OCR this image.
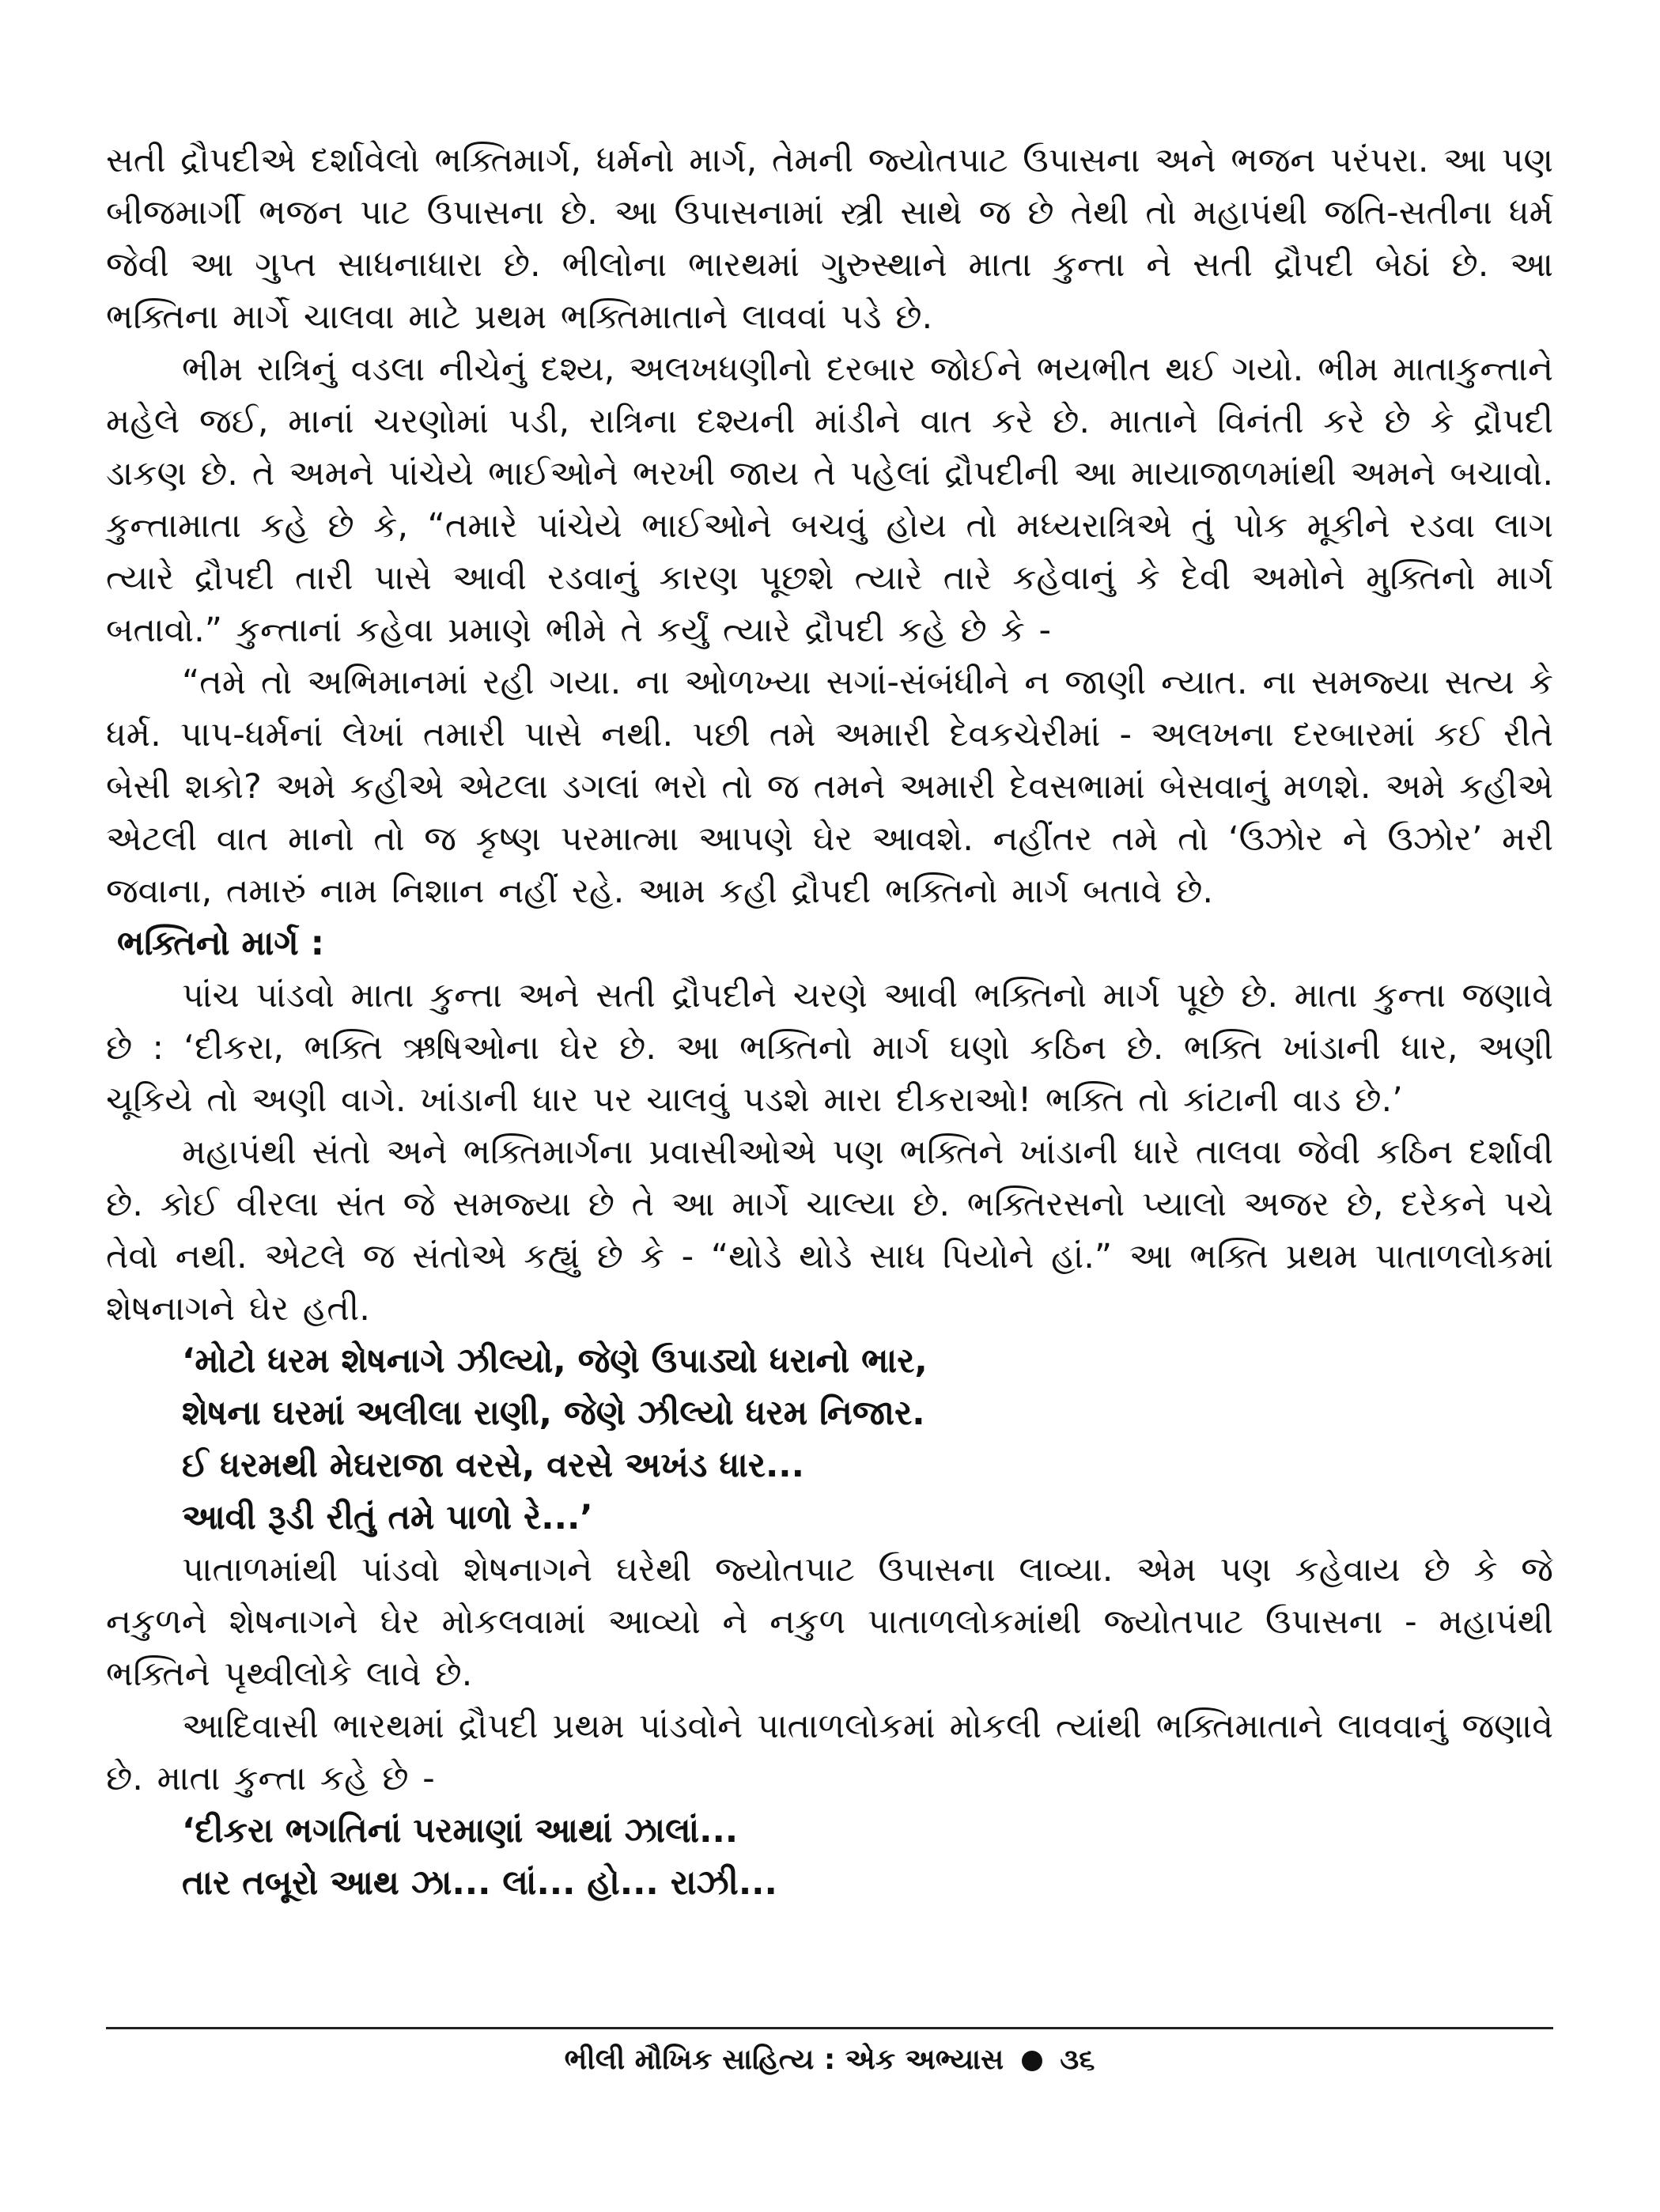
સતી દ્રૌપદીએ દર્શાવેલો ભક્તિમાર્ગ, ધર્મનો માર્ગ, તેમની જ્યોતપાટ ઉપાસના અને ભજન પરંપરા. આ પણ બીજમાર્ગી ભજન પાટ ઉપાસના છે. આ ઉપાસનામાં સ્ત્રી સાથે જ છે તેથી તો મહાપંથી જતિ-સતીના ધર્મ જેવી આ ગુપ્ત સાધનાધારા છે. ભીલોના ભારથમાં ગુરુસ્થાને માતા કુન્તા ને સતી દ્રૌપદી બેઠાં છે. આ ભક્તિના માર્ગે ચાલવા માટે પ્રથમ ભક્તિમાતાને લાવવાં પડે છે.

ભીમ રાત્રિનું વડલા નીચેનું દશ્ય, અલખધણીનો દરબાર જોઈને ભયભીત થઈ ગયો. ભીમ માતાકુન્તાને મહેલે જઈ, માનાં ચરણોમાં પડી, રાત્રિના દશ્યની માંડીને વાત કરે છે. માતાને વિનંતી કરે છે કે દ્રૌપદી ડાકણ છે. તે અમને પાંચેયે ભાઈઓને ભરખી જાય તે પહેલાં દ્રૌપદીની આ માયાજાળમાંથી અમને બચાવો. કુન્તામાતા કહે છે કે, “તમારે પાંચેયે ભાઈઓને બચવું હોય તો મધ્યરાત્રિએ તું પોક મૂકીને રડવા લાગ ત્યારે દ્રૌપદી તારી પાસે આવી રડવાનું કારણ પૂછશે ત્યારે તારે કહેવાનું કે દેવી અમોને મુક્તિનો માર્ગ બતાવો.” કુન્તાનાં કહેવા પ્રમાણે ભીમે તે કર્યું ત્યારે દ્રૌપદી કહે છે કે -

“તમે તો અભિમાનમાં રહી ગયા. ના ઓળખ્યા સગાં-સંબંધીને ન જાણી ન્યાત. ના સમજ્યા સત્ય કે ધર્મ. પાપ-ધર્મનાં લેખાં તમારી પાસે નથી. પછી તમે અમારી દેવકચેરીમાં - અલખના દરબારમાં કઈ રીતે બેસી શકો? અમે કહીએ એટલા ડગલાં ભરો તો જ તમને અમારી દેવસભામાં બેસવાનું મળશે. અમે કહીએ એટલી વાત માનો તો જ કૃષ્ણ પરમાત્મા આપણે ઘેર આવશે. નહીંતર તમે તો ‘ઉઝોર ને ઉઝોર’ મરી જવાના, તમારું નામ નિશાન નહીં રહે. આમ કહી દ્રૌપદી ભક્તિનો માર્ગ બતાવે છે.

ભક્તિનો માર્ગ :

પાંચ પાંડવો માતા કુન્તા અને સતી દ્રૌપદીને ચરણે આવી ભક્તિનો માર્ગ પૂછે છે. માતા કુન્તા જણાવે છે : ‘દીકરા, ભક્તિ ઋષિઓના ઘેર છે. આ ભક્તિનો માર્ગ ઘણો કઠિન છે. ભક્તિ ખાંડાની ધાર, અણી ચૂકિયે તો અણી વાગે. ખાંડાની ધાર પર ચાલવું પડશે મારા દીકરાઓ! ભક્તિ તો કાંટાની વાડ છે.’

મહાપંથી સંતો અને ભક્તિમાર્ગના પ્રવાસીઓએ પણ ભક્તિને ખાંડાની ધારે તાલવા જેવી કઠિન દર્શાવી છે. કોઈ વીરલા સંત જે સમજ્યા છે તે આ માર્ગે ચાલ્યા છે. ભક્તિરસનો પ્યાલો અજર છે, દરેકને પચે તેવો નથી. એટલે જ સંતોએ કહ્યું છે કે - “થોડે થોડે સાધ પિયોને હાં.” આ ભક્તિ પ્રથમ પાતાળલોકમાં શેષનાગને ઘેર હતી.

‘મોટો ધરમ શેષનાગે ઝીલ્યો, જેણે ઉપાડ્યો ધરાનો ભાર,
શેષના ઘરમાં અલીલા રાણી, જેણે ઝીલ્યો ધરમ નિજાર.
ઈ ધરમથી મેઘરાજા વરસે, વરસે અખંડ ધાર...
આવી રૂડી રીતું તમે પાળો રે...’

પાતાળમાંથી પાંડવો શેષનાગને ઘરેથી જ્યોતપાટ ઉપાસના લાવ્યા. એમ પણ કહેવાય છે કે જે નકુળને શેષનાગને ઘેર મોકલવામાં આવ્યો ને નકુળ પાતાળલોકમાંથી જ્યોતપાટ ઉપાસના - મહાપંથી ભક્તિને પૃથ્વીલોકે લાવે છે.

આદિવાસી ભારથમાં દ્રૌપદી પ્રથમ પાંડવોને પાતાળલોકમાં મોકલી ત્યાંથી ભક્તિમાતાને લાવવાનું જણાવે છે. માતા કુન્તા કહે છે -

‘દીકરા ભગતિનાં પરમાણાં આથાં ઝાલાં...
તાર તબૂરો આથ ઝા... લાં... હો... રાઝી...
ભીલી મૌખિક સાહિત્ય : એક અભ્યાસ ૩૬
